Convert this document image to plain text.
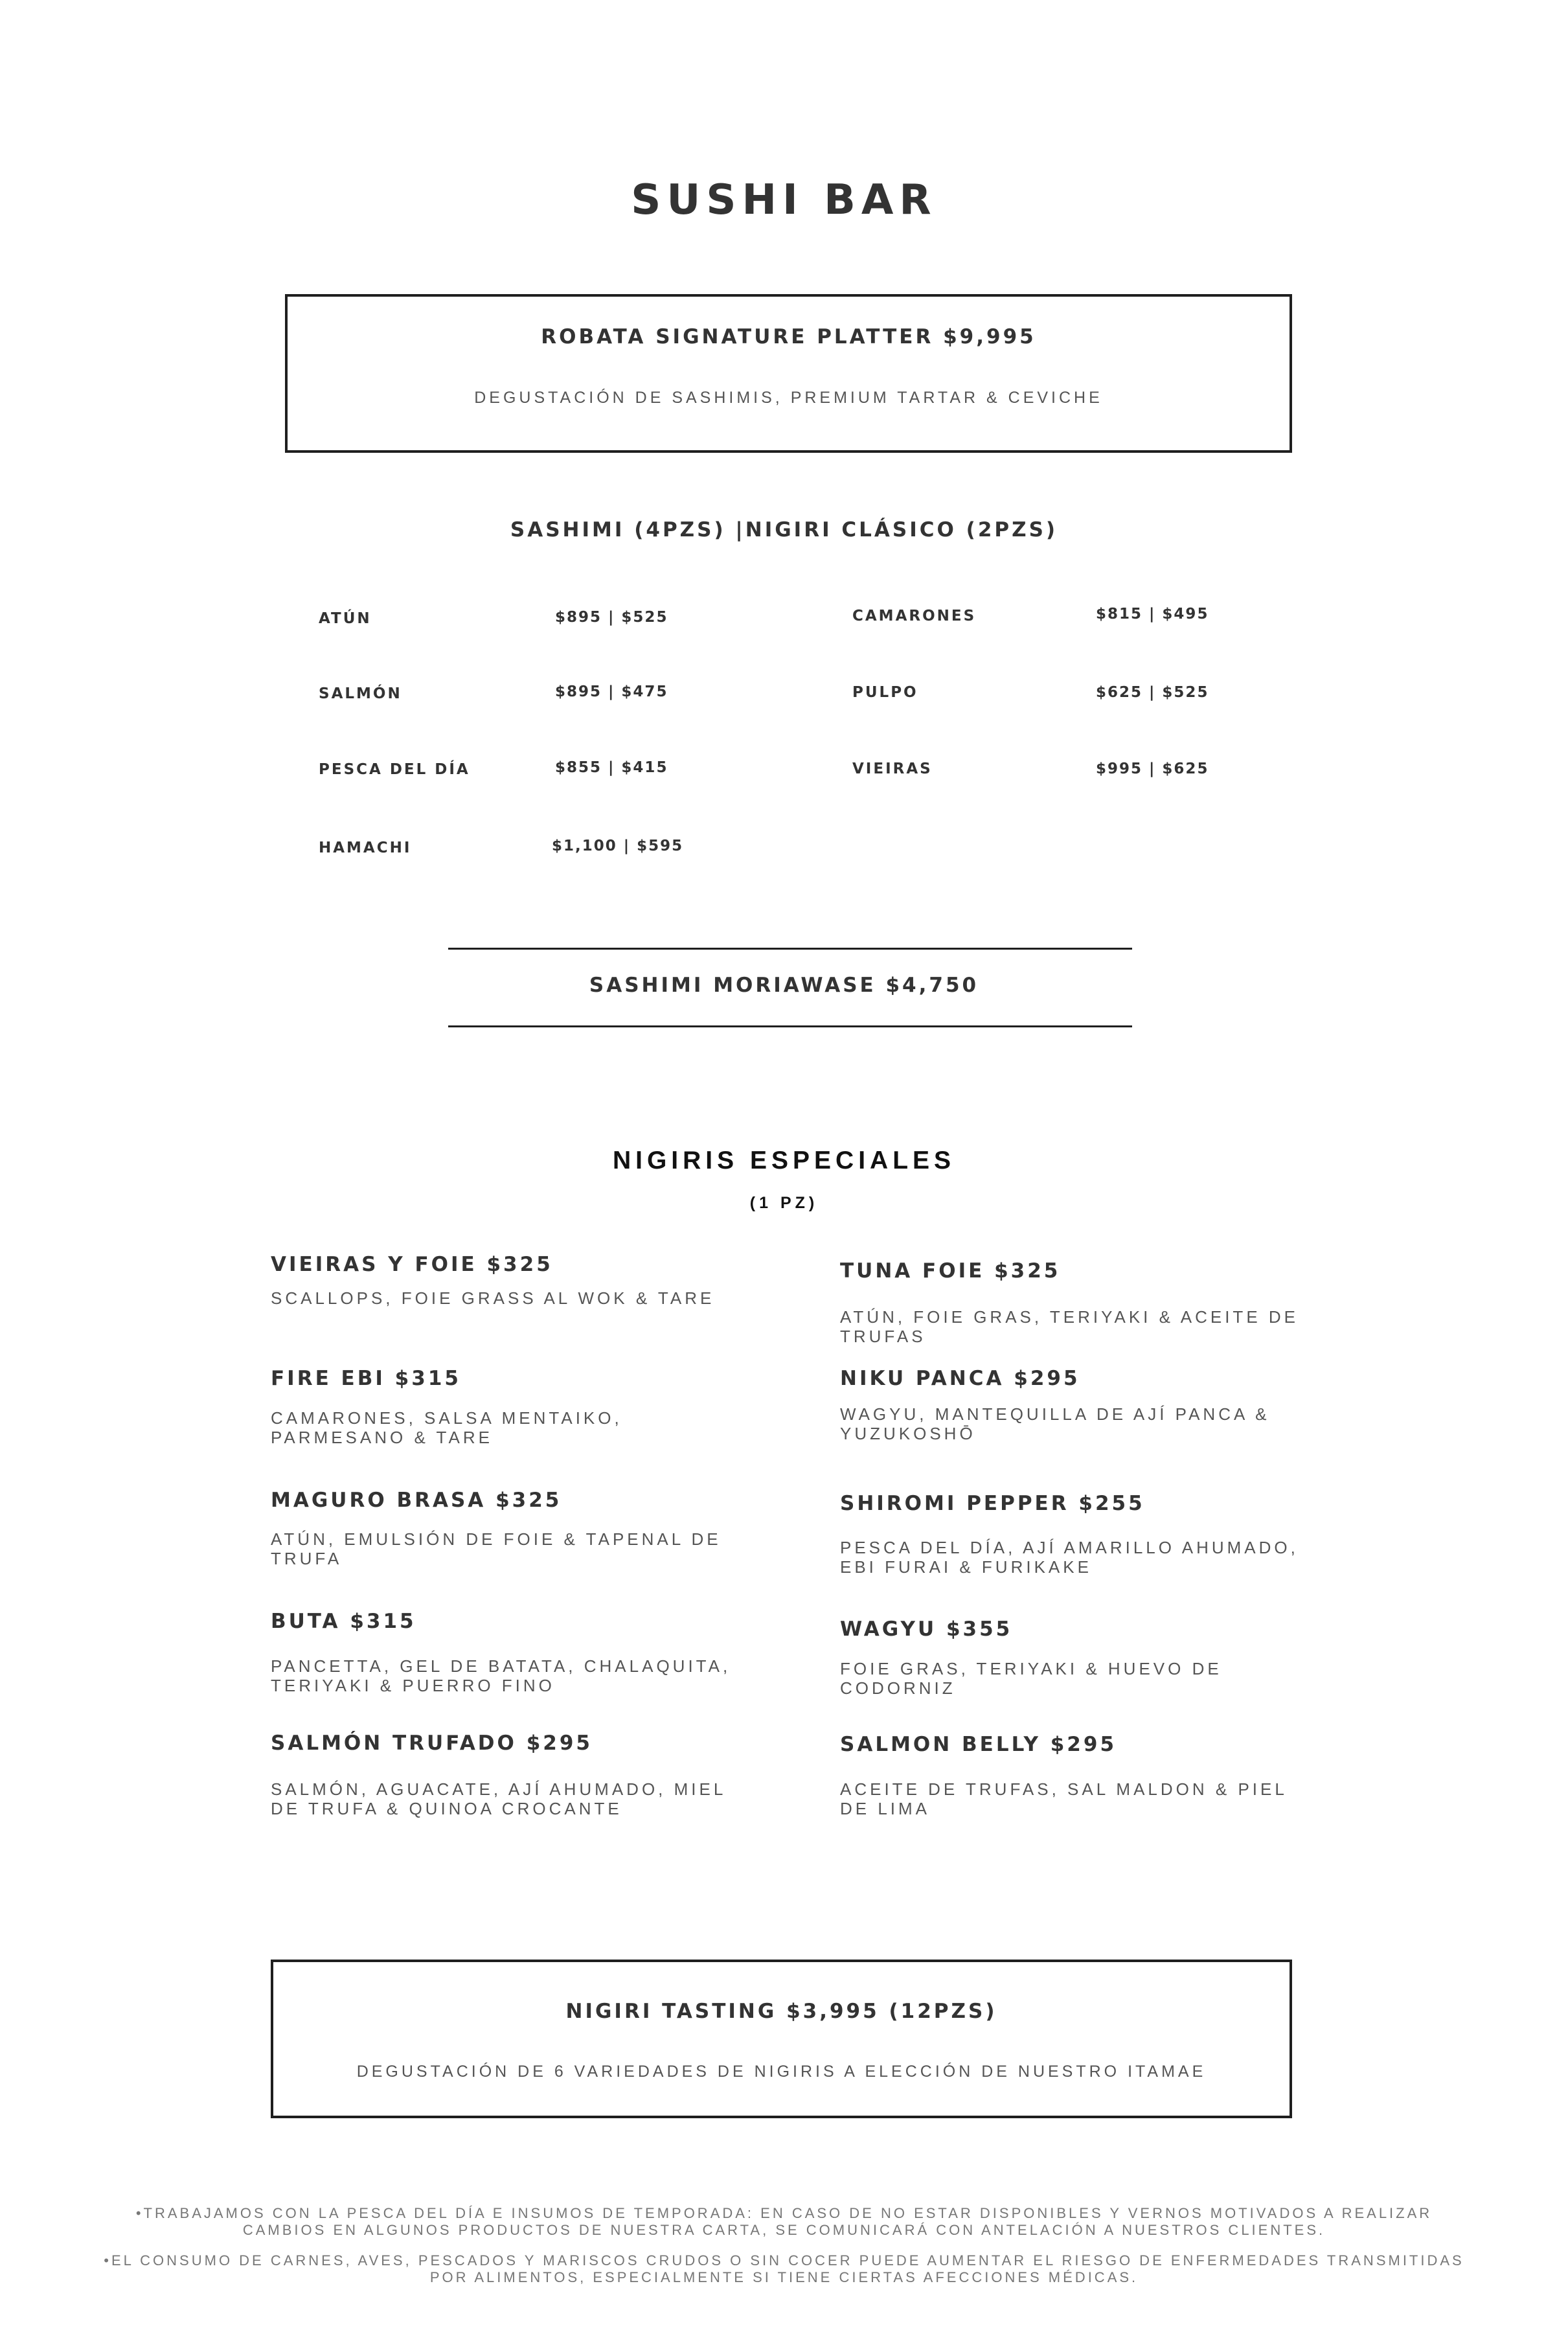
SUSHI BAR
ROBATA SIGNATURE PLATTER $9,995
DEGUSTACIÓN DE SASHIMIS, PREMIUM TARTAR & CEVICHE
SASHIMI (4PZS) |NIGIRI CLÁSICO (2PZS)
ATÚN	$895 | $525
SALMÓN	$895 | $475
PESCA DEL DÍA	$855 | $415
HAMACHI	$1,100 | $595
CAMARONES	$815 | $495
PULPO	$625 | $525
VIEIRAS	$995 | $625
SASHIMI MORIAWASE $4,750
NIGIRIS ESPECIALES
(1 PZ)
VIEIRAS Y FOIE $325
SCALLOPS, FOIE GRASS AL WOK & TARE
FIRE EBI $315
CAMARONES, SALSA MENTAIKO, PARMESANO & TARE
MAGURO BRASA $325
ATÚN, EMULSIÓN DE FOIE & TAPENAL DE TRUFA
BUTA $315
PANCETTA, GEL DE BATATA, CHALAQUITA, TERIYAKI & PUERRO FINO
SALMÓN TRUFADO $295
SALMÓN, AGUACATE, AJÍ AHUMADO, MIEL DE TRUFA & QUINOA CROCANTE
TUNA FOIE $325
ATÚN, FOIE GRAS, TERIYAKI & ACEITE DE TRUFAS
NIKU PANCA $295
WAGYU, MANTEQUILLA DE AJÍ PANCA & YUZUKOSHŌ
SHIROMI PEPPER $255
PESCA DEL DÍA, AJÍ AMARILLO AHUMADO, EBI FURAI & FURIKAKE
WAGYU $355
FOIE GRAS, TERIYAKI & HUEVO DE CODORNIZ
SALMON BELLY $295
ACEITE DE TRUFAS, SAL MALDON & PIEL DE LIMA
NIGIRI TASTING $3,995 (12PZS)
DEGUSTACIÓN DE 6 VARIEDADES DE NIGIRIS A ELECCIÓN DE NUESTRO ITAMAE
•TRABAJAMOS CON LA PESCA DEL DÍA E INSUMOS DE TEMPORADA: EN CASO DE NO ESTAR DISPONIBLES Y VERNOS MOTIVADOS A REALIZAR
CAMBIOS EN ALGUNOS PRODUCTOS DE NUESTRA CARTA, SE COMUNICARÁ CON ANTELACIÓN A NUESTROS CLIENTES.
•EL CONSUMO DE CARNES, AVES, PESCADOS Y MARISCOS CRUDOS O SIN COCER PUEDE AUMENTAR EL RIESGO DE ENFERMEDADES TRANSMITIDAS
POR ALIMENTOS, ESPECIALMENTE SI TIENE CIERTAS AFECCIONES MÉDICAS.
